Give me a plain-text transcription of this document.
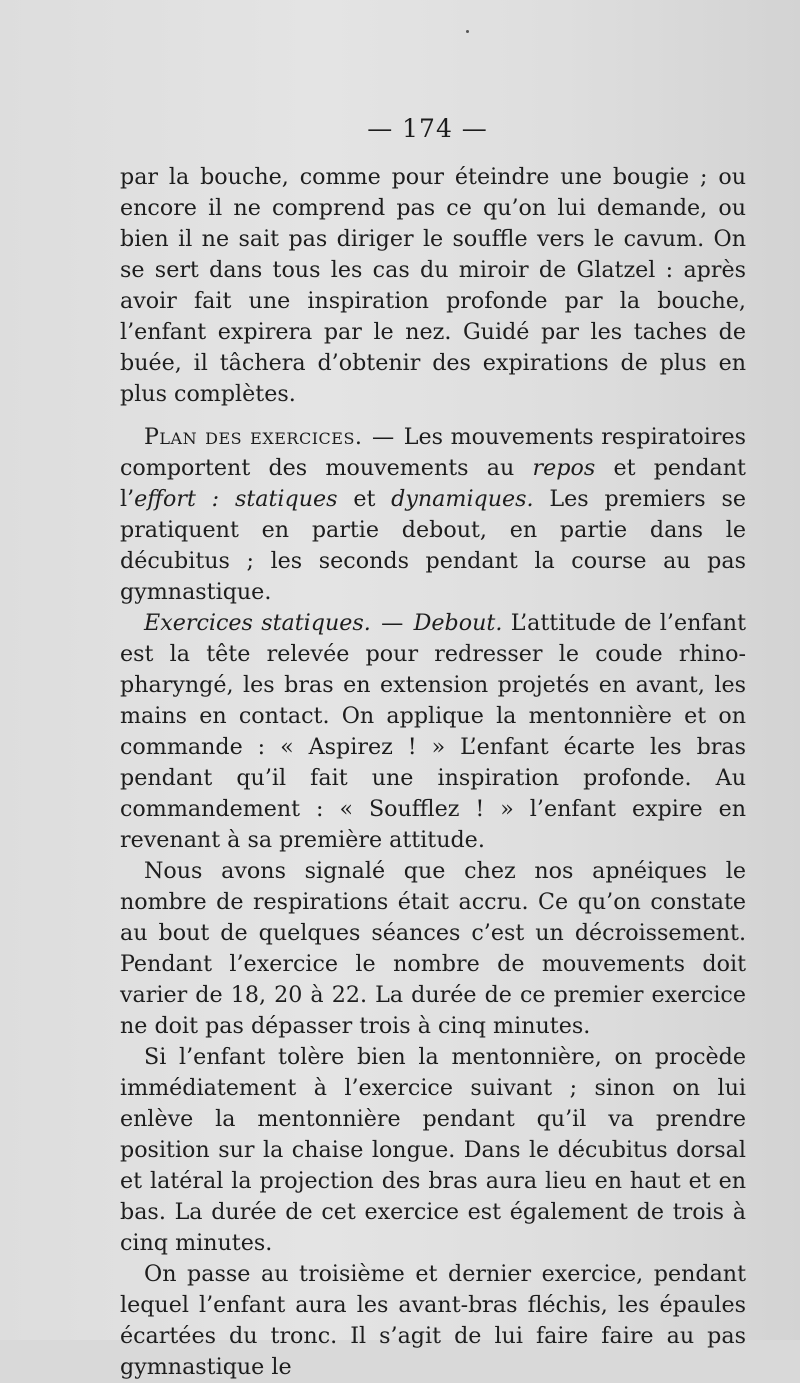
— 174 —

par la bouche, comme pour éteindre une bougie ; ou encore il ne comprend pas ce qu’on lui demande, ou bien il ne sait pas diriger le souffle vers le cavum. On se sert dans tous les cas du miroir de Glatzel : après avoir fait une inspiration profonde par la bouche, l’enfant expirera par le nez. Guidé par les taches de buée, il tâchera d’obtenir des expirations de plus en plus complètes.

Plan des exercices. — Les mouvements respiratoires comportent des mouvements au repos et pendant l’effort : statiques et dynamiques. Les premiers se pratiquent en partie debout, en partie dans le décubitus ; les seconds pendant la course au pas gymnastique.

Exercices statiques. — Debout. L’attitude de l’enfant est la tête relevée pour redresser le coude rhino-pharyngé, les bras en extension projetés en avant, les mains en contact. On applique la mentonnière et on commande : « Aspirez ! » L’enfant écarte les bras pendant qu’il fait une inspiration profonde. Au commandement : « Soufflez ! » l’enfant expire en revenant à sa première attitude.

Nous avons signalé que chez nos apnéiques le nombre de respirations était accru. Ce qu’on constate au bout de quelques séances c’est un décroissement. Pendant l’exercice le nombre de mouvements doit varier de 18, 20 à 22. La durée de ce premier exercice ne doit pas dépasser trois à cinq minutes.

Si l’enfant tolère bien la mentonnière, on procède immédiatement à l’exercice suivant ; sinon on lui enlève la mentonnière pendant qu’il va prendre position sur la chaise longue. Dans le décubitus dorsal et latéral la projection des bras aura lieu en haut et en bas. La durée de cet exercice est également de trois à cinq minutes.

On passe au troisième et dernier exercice, pendant lequel l’enfant aura les avant-bras fléchis, les épaules écartées du tronc. Il s’agit de lui faire faire au pas gymnastique le
